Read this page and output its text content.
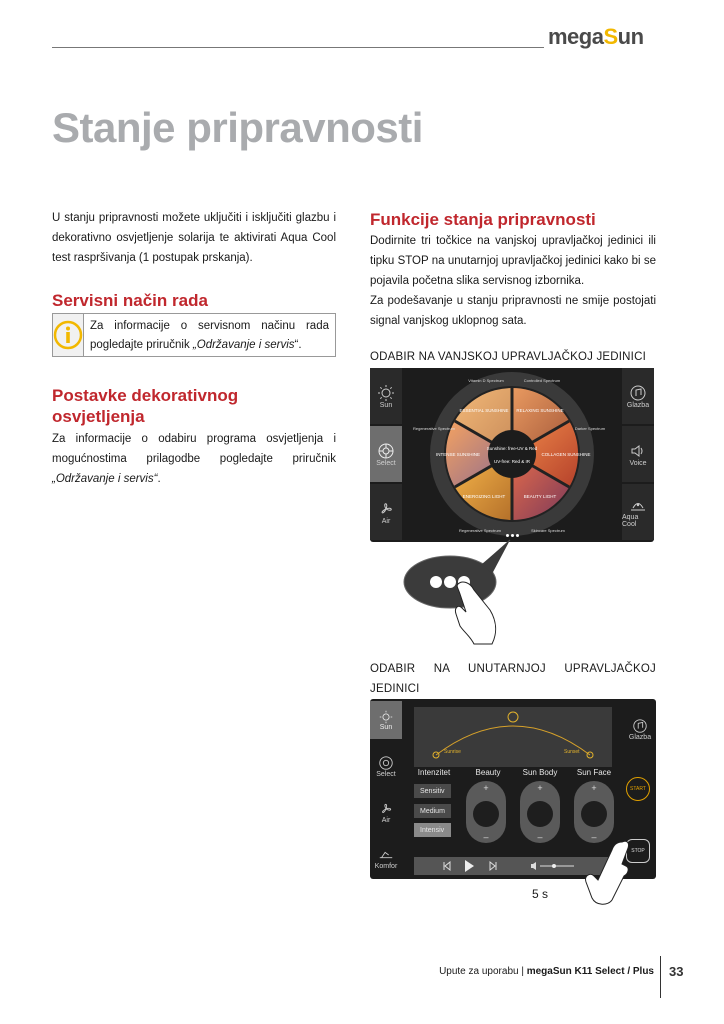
megaSun
Stanje pripravnosti
U stanju pripravnosti možete uključiti i isključiti glazbu i dekorativno osvjetljenje solarija te aktivirati Aqua Cool test raspršivanja (1 postupak prskanja).
Servisni način rada
Za informacije o servisnom načinu rada pogledajte priručnik „Održavanje i servis“.
Postavke dekorativnog
osvjetljenja
Za informacije o odabiru programa osvjetljenja i mogućnostima prilagodbe pogledajte priručnik „Održavanje i servis“.
Funkcije stanja pripravnosti
Dodirnite tri točkice na vanjskoj upravljačkoj jedinici ili tipku STOP na unutarnjoj upravljačkoj jedinici kako bi se pojavila početna slika servisnog izbornika.
Za podešavanje u stanju pripravnosti ne smije postojati signal vanjskog uklopnog sata.
ODABIR NA VANJSKOJ UPRAVLJAČKOJ JEDINICI
Sun
Select
Air
Glazba
Voice
Aqua Cool
ESSENTIAL SUNSHINE RELAXING SUNSHINE
COLLAGEN SUNSHINE
ENERGIZING LIGHT	BEAUTY LIGHT
INTENSE SUNSHINE
Vitamin D Spectrum	Controlled Spectrum
Darker Spectrum
Skincare Spectrum
Regenerative Spectrum
Regenerative Spectrum
Sunshine: free-UV & Red
UV-free: Red & IR
ODABIR NA UNUTARNJOJ UPRAVLJAČKOJ
JEDINICI
Sun
Select
Air
Komfor
Glazba
START
STOP
Sunrise	Sunset
Intenzitet	Beauty	Sun Body	Sun Face
Sensitiv
Medium
Intensiv
+
–
+
–
+
–
5 s
Upute za uporabu | megaSun K11 Select / Plus 33
